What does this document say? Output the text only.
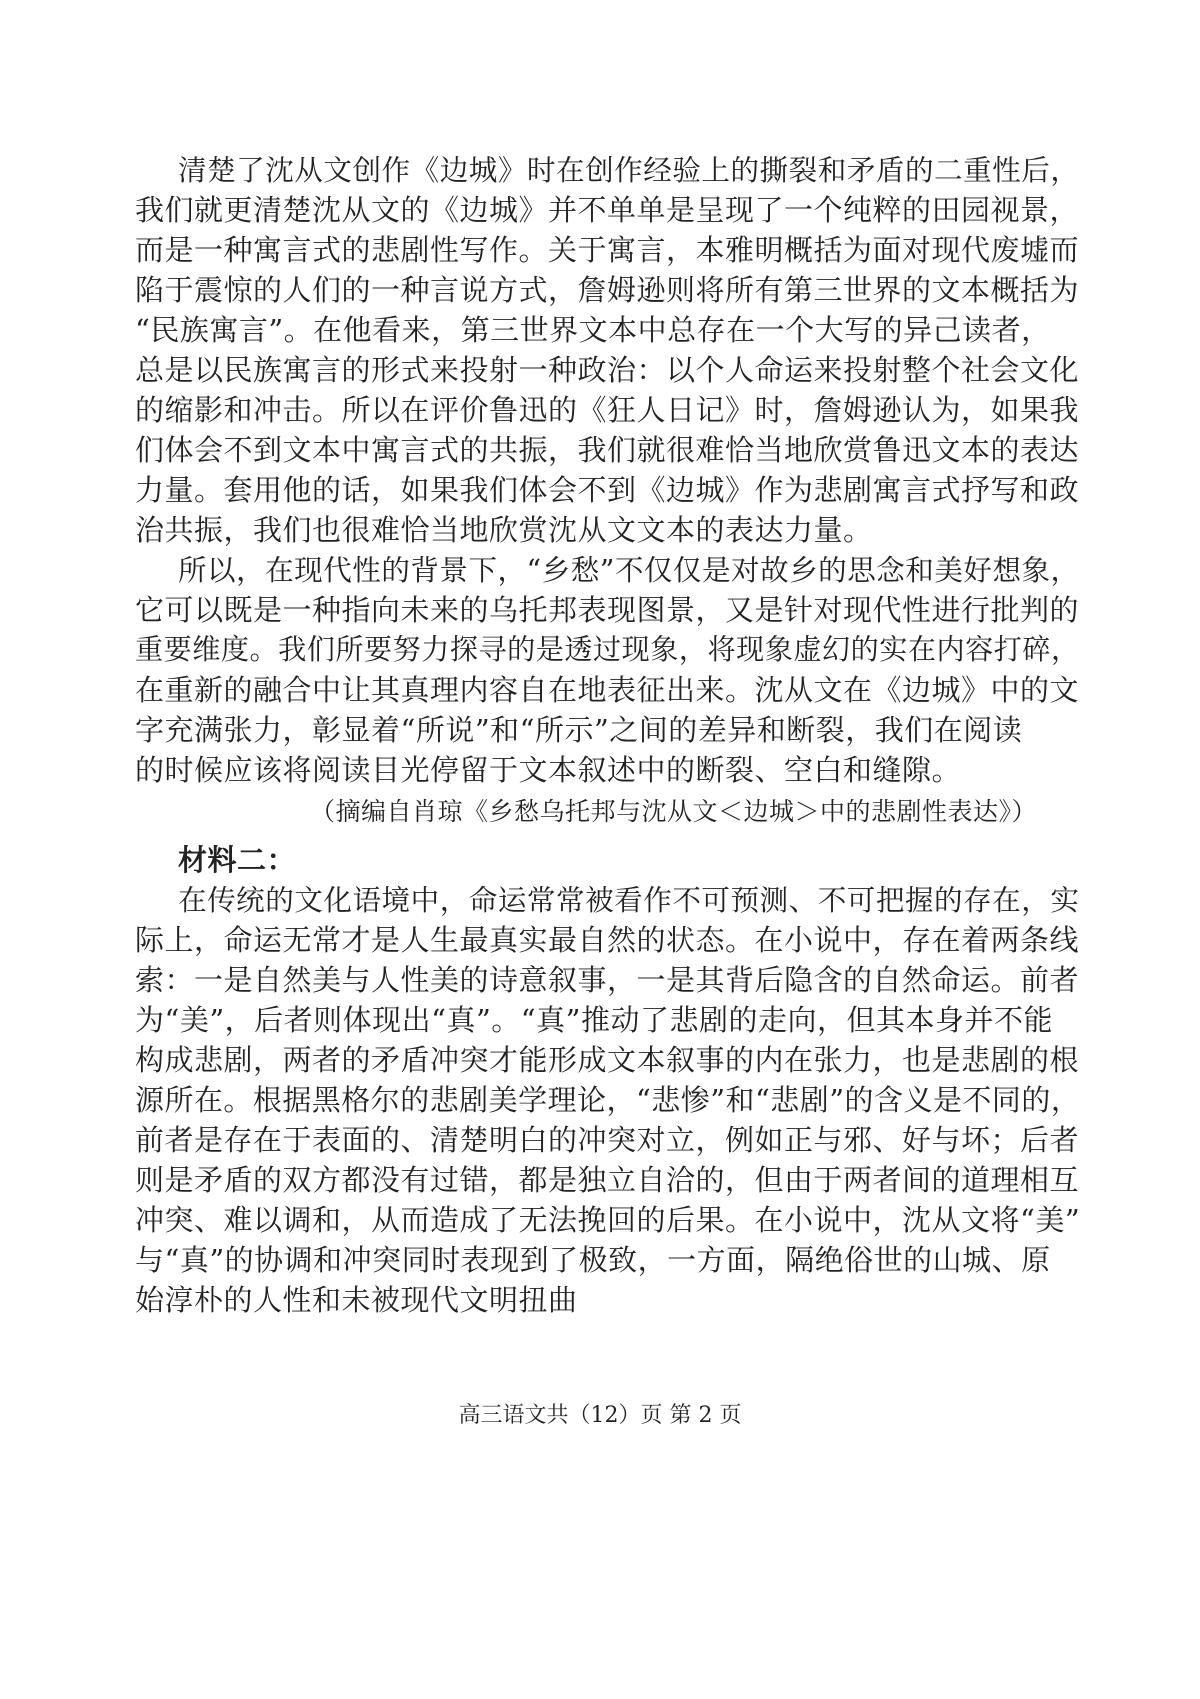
清楚了沈从文创作《边城》时在创作经验上的撕裂和矛盾的二重性后，
我们就更清楚沈从文的《边城》并不单单是呈现了一个纯粹的田园视景，
而是一种寓言式的悲剧性写作。关于寓言，本雅明概括为面对现代废墟而
陷于震惊的人们的一种言说方式，詹姆逊则将所有第三世界的文本概括为
“民族寓言”。在他看来，第三世界文本中总存在一个大写的异己读者，
总是以民族寓言的形式来投射一种政治：以个人命运来投射整个社会文化
的缩影和冲击。所以在评价鲁迅的《狂人日记》时，詹姆逊认为，如果我
们体会不到文本中寓言式的共振，我们就很难恰当地欣赏鲁迅文本的表达
力量。套用他的话，如果我们体会不到《边城》作为悲剧寓言式抒写和政
治共振，我们也很难恰当地欣赏沈从文文本的表达力量。
所以，在现代性的背景下，“乡愁”不仅仅是对故乡的思念和美好想象，
它可以既是一种指向未来的乌托邦表现图景，又是针对现代性进行批判的
重要维度。我们所要努力探寻的是透过现象，将现象虚幻的实在内容打碎，
在重新的融合中让其真理内容自在地表征出来。沈从文在《边城》中的文
字充满张力，彰显着“所说”和“所示”之间的差异和断裂，我们在阅读
的时候应该将阅读目光停留于文本叙述中的断裂、空白和缝隙。
（摘编自肖琼《乡愁乌托邦与沈从文＜边城＞中的悲剧性表达》）
材料二：
在传统的文化语境中，命运常常被看作不可预测、不可把握的存在，实
际上，命运无常才是人生最真实最自然的状态。在小说中，存在着两条线
索：一是自然美与人性美的诗意叙事，一是其背后隐含的自然命运。前者
为“美”，后者则体现出“真”。“真”推动了悲剧的走向，但其本身并不能
构成悲剧，两者的矛盾冲突才能形成文本叙事的内在张力，也是悲剧的根
源所在。根据黑格尔的悲剧美学理论，“悲惨”和“悲剧”的含义是不同的，
前者是存在于表面的、清楚明白的冲突对立，例如正与邪、好与坏；后者
则是矛盾的双方都没有过错，都是独立自洽的，但由于两者间的道理相互
冲突、难以调和，从而造成了无法挽回的后果。在小说中，沈从文将“美”
与“真”的协调和冲突同时表现到了极致，一方面，隔绝俗世的山城、原
始淳朴的人性和未被现代文明扭曲
高三语文共（12）页 第 2 页
